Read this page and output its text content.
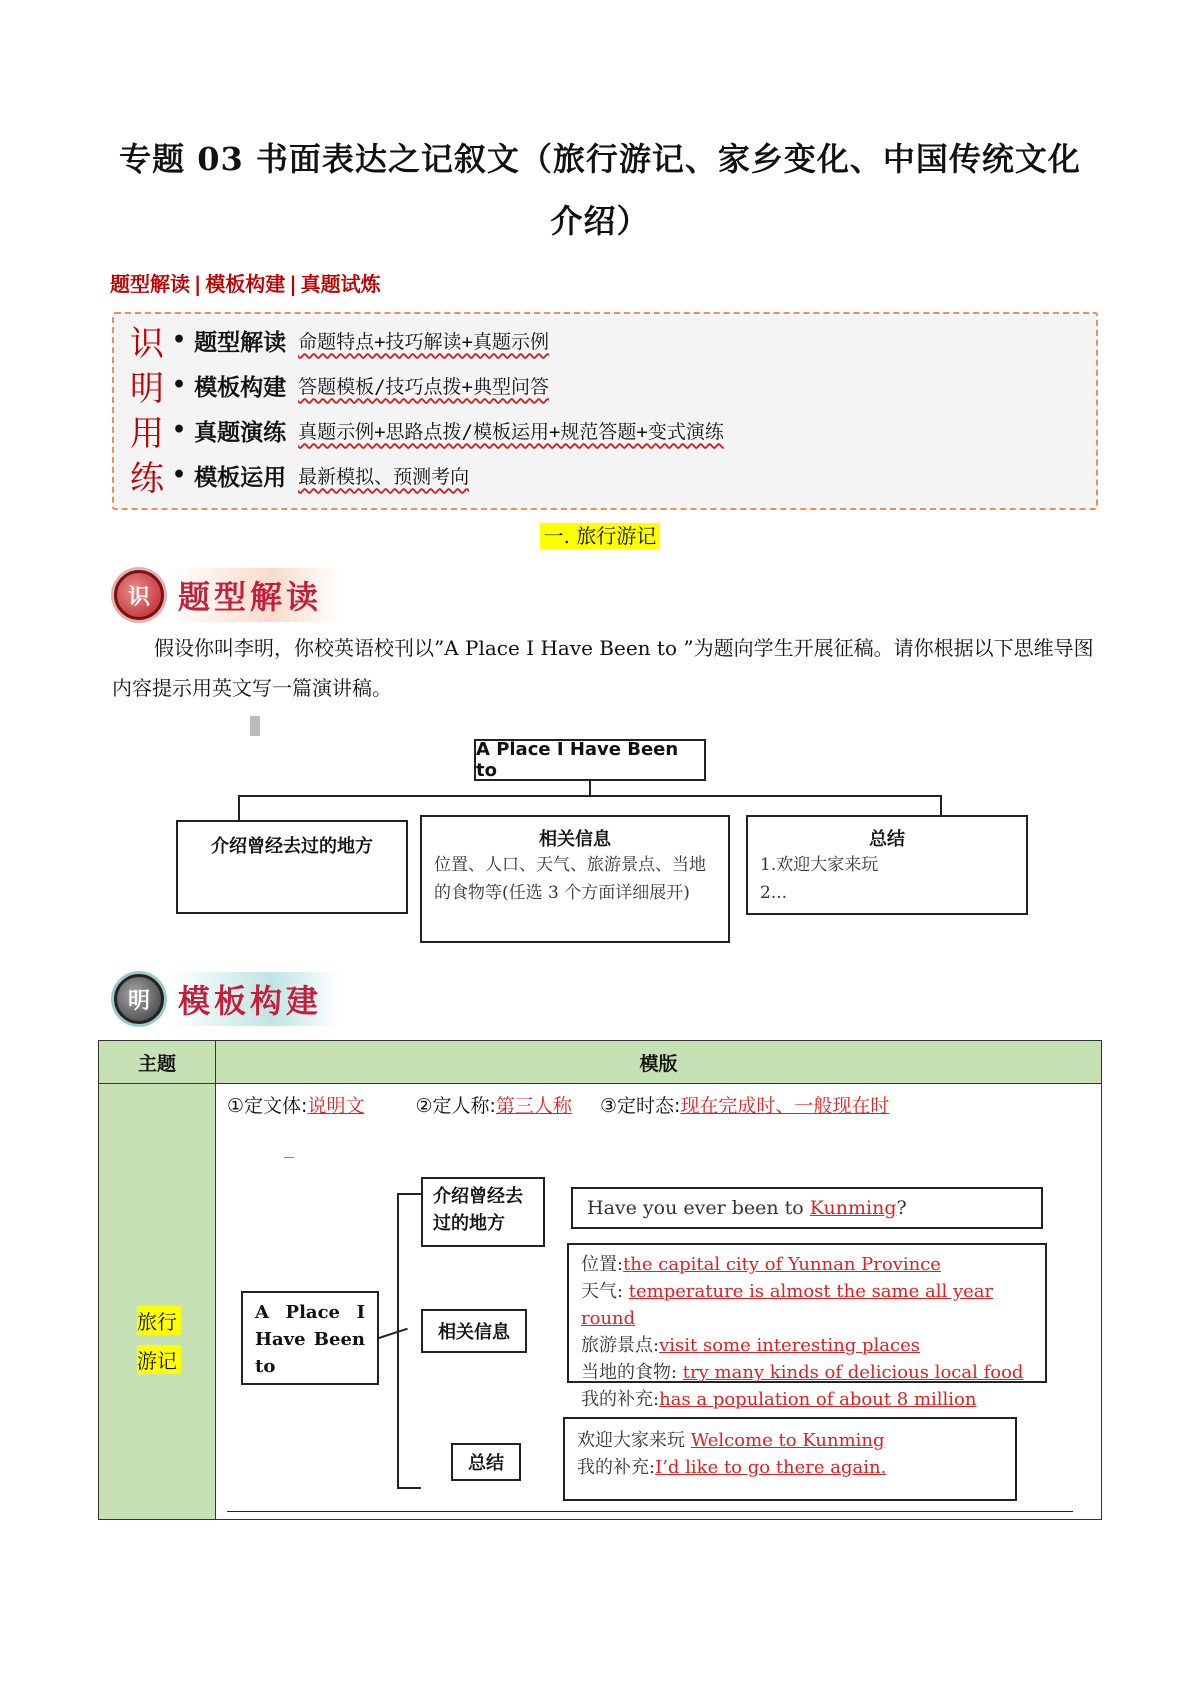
专题 03 书面表达之记叙文（旅行游记、家乡变化、中国传统文化介绍）
题型解读 | 模板构建 | 真题试炼
识 • 题型解读 命题特点+技巧解读+真题示例
明 • 模板构建 答题模板/技巧点拨+典型问答
用 • 真题演练 真题示例+思路点拨/模板运用+规范答题+变式演练
练 • 模板运用 最新模拟、预测考向
一. 旅行游记
识 题型解读
假设你叫李明，你校英语校刊以”A Place I Have Been to ”为题向学生开展征稿。请你根据以下思维导图内容提示用英文写一篇演讲稿。
A Place I Have Been to
介绍曾经去过的地方	相关信息
位置、人口、天气、旅游景点、当地的食物等(任选 3 个方面详细展开)
总结
1.欢迎大家来玩
2...
明 模板构建
主题	模版
旅行
游记
①定文体:说明文	②定人称:第三人称 ③定时态:现在完成时、一般现在时
A Place I Have Been to
介绍曾经去过的地方
相关信息
总结
Have you ever been to Kunming?
位置:the capital city of Yunnan Province
天气: temperature is almost the same all year round
旅游景点:visit some interesting places
当地的食物: try many kinds of delicious local food
我的补充:has a population of about 8 million
欢迎大家来玩 Welcome to Kunming
我的补充:I’d like to go there again.
